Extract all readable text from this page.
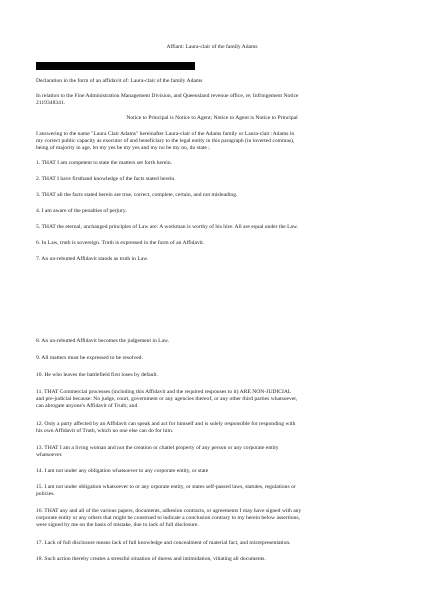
Affiant: Laura-clair of the family Adams
Declaration in the form of an affidavit of: Laura-clair of the family Adams
In relation to the Fine Administration Management Division, and Queensland revenue office, re; Infringement Notice
2119348341.
Notice to Principal is Notice to Agent; Notice to Agent is Notice to Principal
I answering to the name "Laura Clair Adams" hereinafter Laura-clair of the Adams family or Laura-clair :Adams in
my correct public capacity as executor of and beneficiary to the legal entity in this paragraph (in inverted commas),
being of majority in age, let my yes be my yes and my no be my no, do state ;
1. THAT I am competent to state the matters set forth herein.
2. THAT I have firsthand knowledge of the facts stated herein.
3. THAT all the facts stated herein are true, correct, complete, certain, and not misleading.
4. I am aware of the penalties of perjury.
5. THAT the eternal, unchanged principles of Law are: A workman is worthy of his hire. All are equal under the Law.
6. In Law, truth is sovereign. Truth is expressed in the form of an Affidavit.
7. An un-rebutted Affidavit stands as truth in Law.
8. An un-rebutted Affidavit becomes the judgement in Law.
9. All matters must be expressed to be resolved.
10. He who leaves the battlefield first loses by default.
11. THAT Commercial processes (including this Affidavit and the required responses to it) ARE NON-JUDICIAL
and pre-judicial because: No judge, court, government or any agencies thereof, or any other third parties whatsoever,
can abrogate anyone's Affidavit of Truth; and
12. Only a party affected by an Affidavit can speak and act for himself and is solely responsible for responding with
his own Affidavit of Truth, which no one else can do for him.
13. THAT I am a living woman and not the creation or chattel property of any person or any corporate entity
whatsoever.
14. I am not under any obligation whatsoever to any corporate entity, or state
15. I am not under obligation whatsoever to or any orporate entity, or states self-passed laws, statutes, regulations or
policies.
16. THAT any and all of the various papers, documents, adhesion contracts, or agreements I may have signed with any
corporate entity or any others that might be construed to indicate a conclusion contrary to my herein below assertions,
were signed by me on the basis of mistake, due to lack of full disclosure.
17. Lack of full disclosure means lack of full knowledge and concealment of material fact, and misrepresentation.
18. Such action thereby creates a stressful situation of duress and intimidation, vitiating all documents.
